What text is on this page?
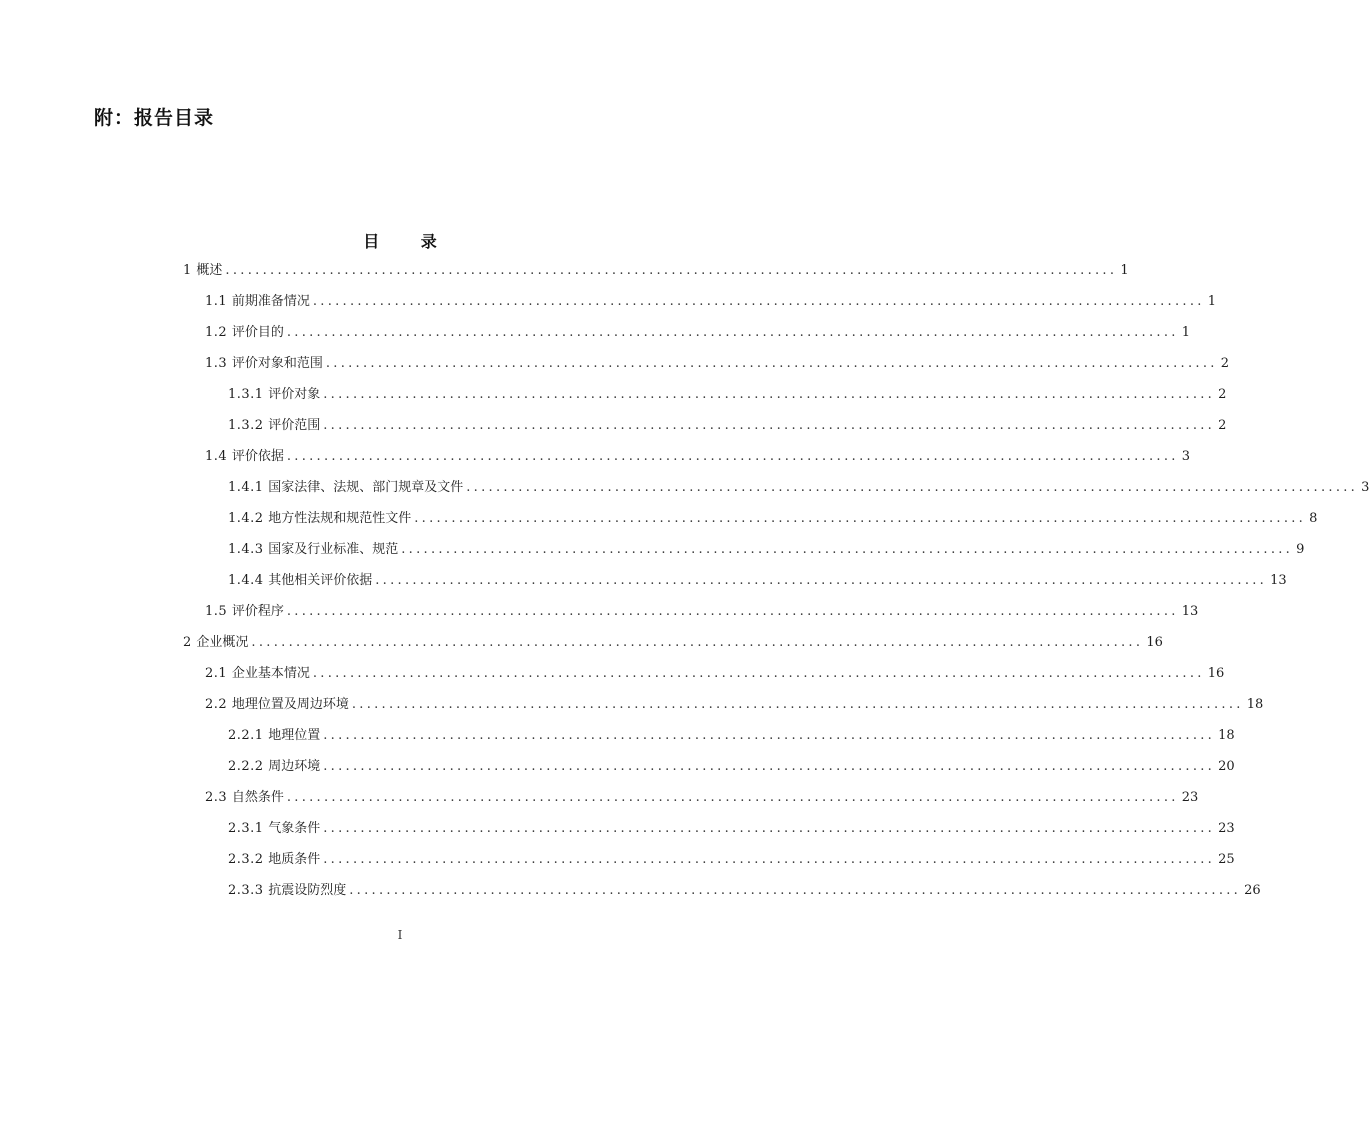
附：报告目录
目 录
1 概述 ........................................................................................................................ 1
1.1 前期准备情况 ........................................................................................................................ 1
1.2 评价目的 ........................................................................................................................ 1
1.3 评价对象和范围 ........................................................................................................................ 2
1.3.1 评价对象 ........................................................................................................................ 2
1.3.2 评价范围 ........................................................................................................................ 2
1.4 评价依据 ........................................................................................................................ 3
1.4.1 国家法律、法规、部门规章及文件 ........................................................................................................................ 3
1.4.2 地方性法规和规范性文件 ........................................................................................................................ 8
1.4.3 国家及行业标准、规范 ........................................................................................................................ 9
1.4.4 其他相关评价依据 ........................................................................................................................ 13
1.5 评价程序 ........................................................................................................................ 13
2 企业概况 ........................................................................................................................ 16
2.1 企业基本情况 ........................................................................................................................ 16
2.2 地理位置及周边环境 ........................................................................................................................ 18
2.2.1 地理位置 ........................................................................................................................ 18
2.2.2 周边环境 ........................................................................................................................ 20
2.3 自然条件 ........................................................................................................................ 23
2.3.1 气象条件 ........................................................................................................................ 23
2.3.2 地质条件 ........................................................................................................................ 25
2.3.3 抗震设防烈度 ........................................................................................................................ 26
I
